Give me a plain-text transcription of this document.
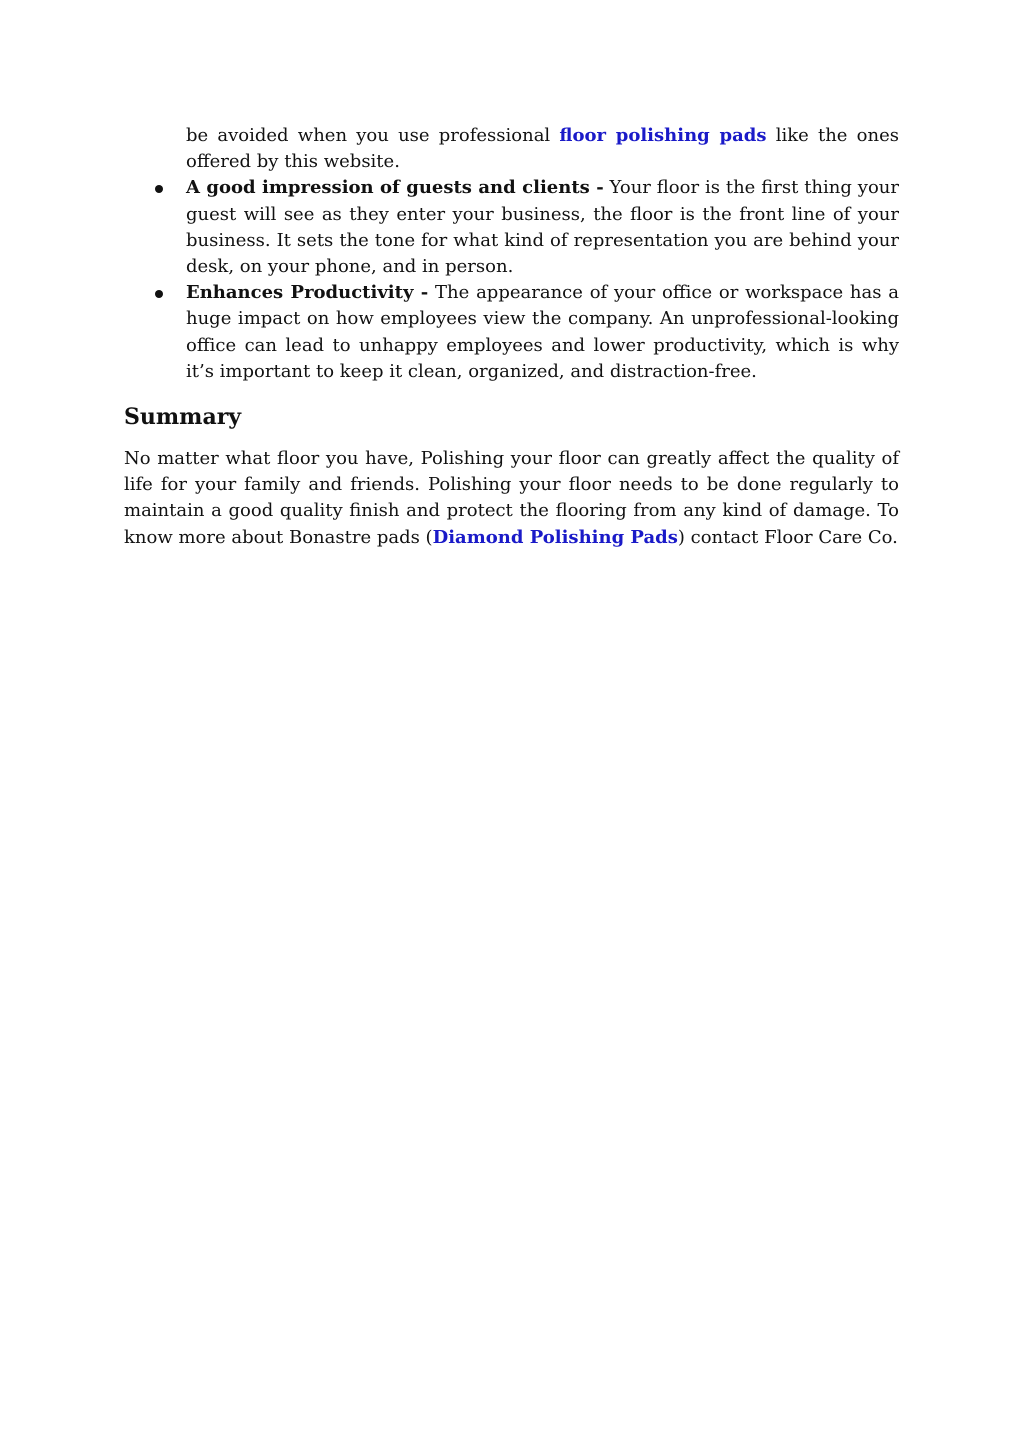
be avoided when you use professional floor polishing pads like the ones offered by this website.

A good impression of guests and clients - Your floor is the first thing your guest will see as they enter your business, the floor is the front line of your business. It sets the tone for what kind of representation you are behind your desk, on your phone, and in person.
Enhances Productivity - The appearance of your office or workspace has a huge impact on how employees view the company. An unprofessional-looking office can lead to unhappy employees and lower productivity, which is why it’s important to keep it clean, organized, and distraction-free.
Summary

No matter what floor you have, Polishing your floor can greatly affect the quality of life for your family and friends. Polishing your floor needs to be done regularly to maintain a good quality finish and protect the flooring from any kind of damage. To know more about Bonastre pads (Diamond Polishing Pads) contact Floor Care Co.
